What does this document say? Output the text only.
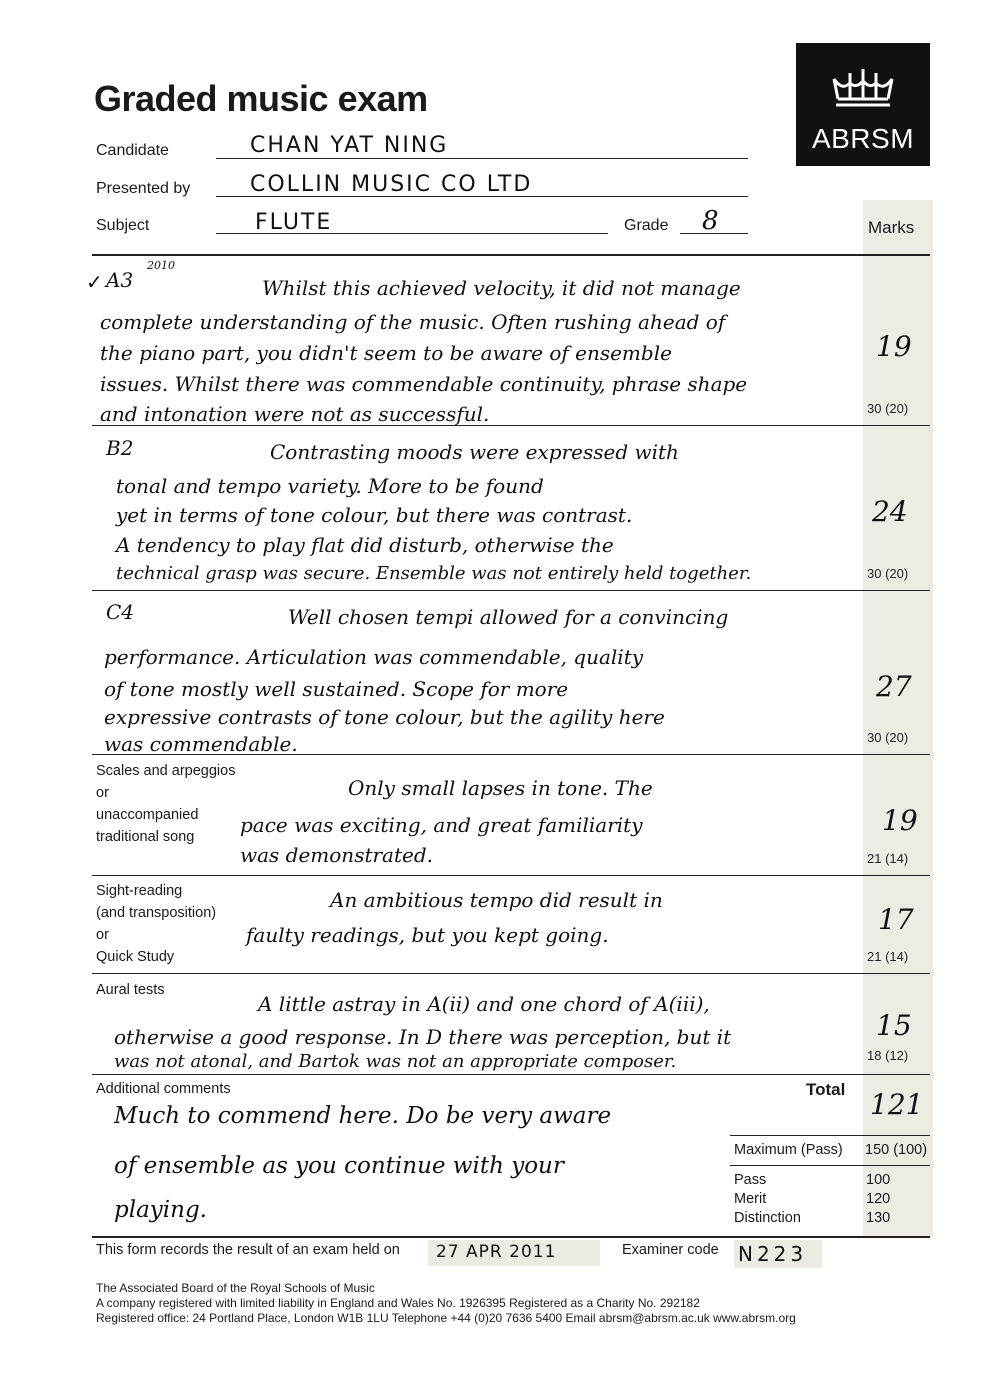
Graded music exam
ABRSM
Candidate	CHAN YAT NING
Presented by	COLLIN MUSIC CO LTD
Subject	FLUTE	Grade 8	Marks
✓ A3
2010
Whilst this achieved velocity, it did not manage
complete understanding of the music. Often rushing ahead of
the piano part, you didn't seem to be aware of ensemble
issues. Whilst there was commendable continuity, phrase shape
and intonation were not as successful.
19
30 (20)
B2	Contrasting moods were expressed with
tonal and tempo variety. More to be found
yet in terms of tone colour, but there was contrast.
A tendency to play flat did disturb, otherwise the
technical grasp was secure. Ensemble was not entirely held together.
24
30 (20)
C4	Well chosen tempi allowed for a convincing
performance. Articulation was commendable, quality
of tone mostly well sustained. Scope for more
expressive contrasts of tone colour, but the agility here
was commendable.
27
30 (20)
Scales and arpeggios
or
unaccompanied
traditional song
Only small lapses in tone. The
pace was exciting, and great familiarity
was demonstrated.
19
21 (14)
Sight-reading
(and transposition)
or
Quick Study
An ambitious tempo did result in
faulty readings, but you kept going.	17
21 (14)
Aural tests
A little astray in A(ii) and one chord of A(iii),
otherwise a good response. In D there was perception, but it
was not atonal, and Bartok was not an appropriate composer.
15
18 (12)
Additional comments
Much to commend here. Do be very aware
of ensemble as you continue with your
playing.
Total 121
Maximum (Pass) 150 (100)
Pass	100
Merit	120
Distinction	130
This form records the result of an exam held on 27 APR 2011	Examiner code N223
The Associated Board of the Royal Schools of Music
A company registered with limited liability in England and Wales No. 1926395 Registered as a Charity No. 292182
Registered office: 24 Portland Place, London W1B 1LU Telephone +44 (0)20 7636 5400 Email abrsm@abrsm.ac.uk www.abrsm.org
